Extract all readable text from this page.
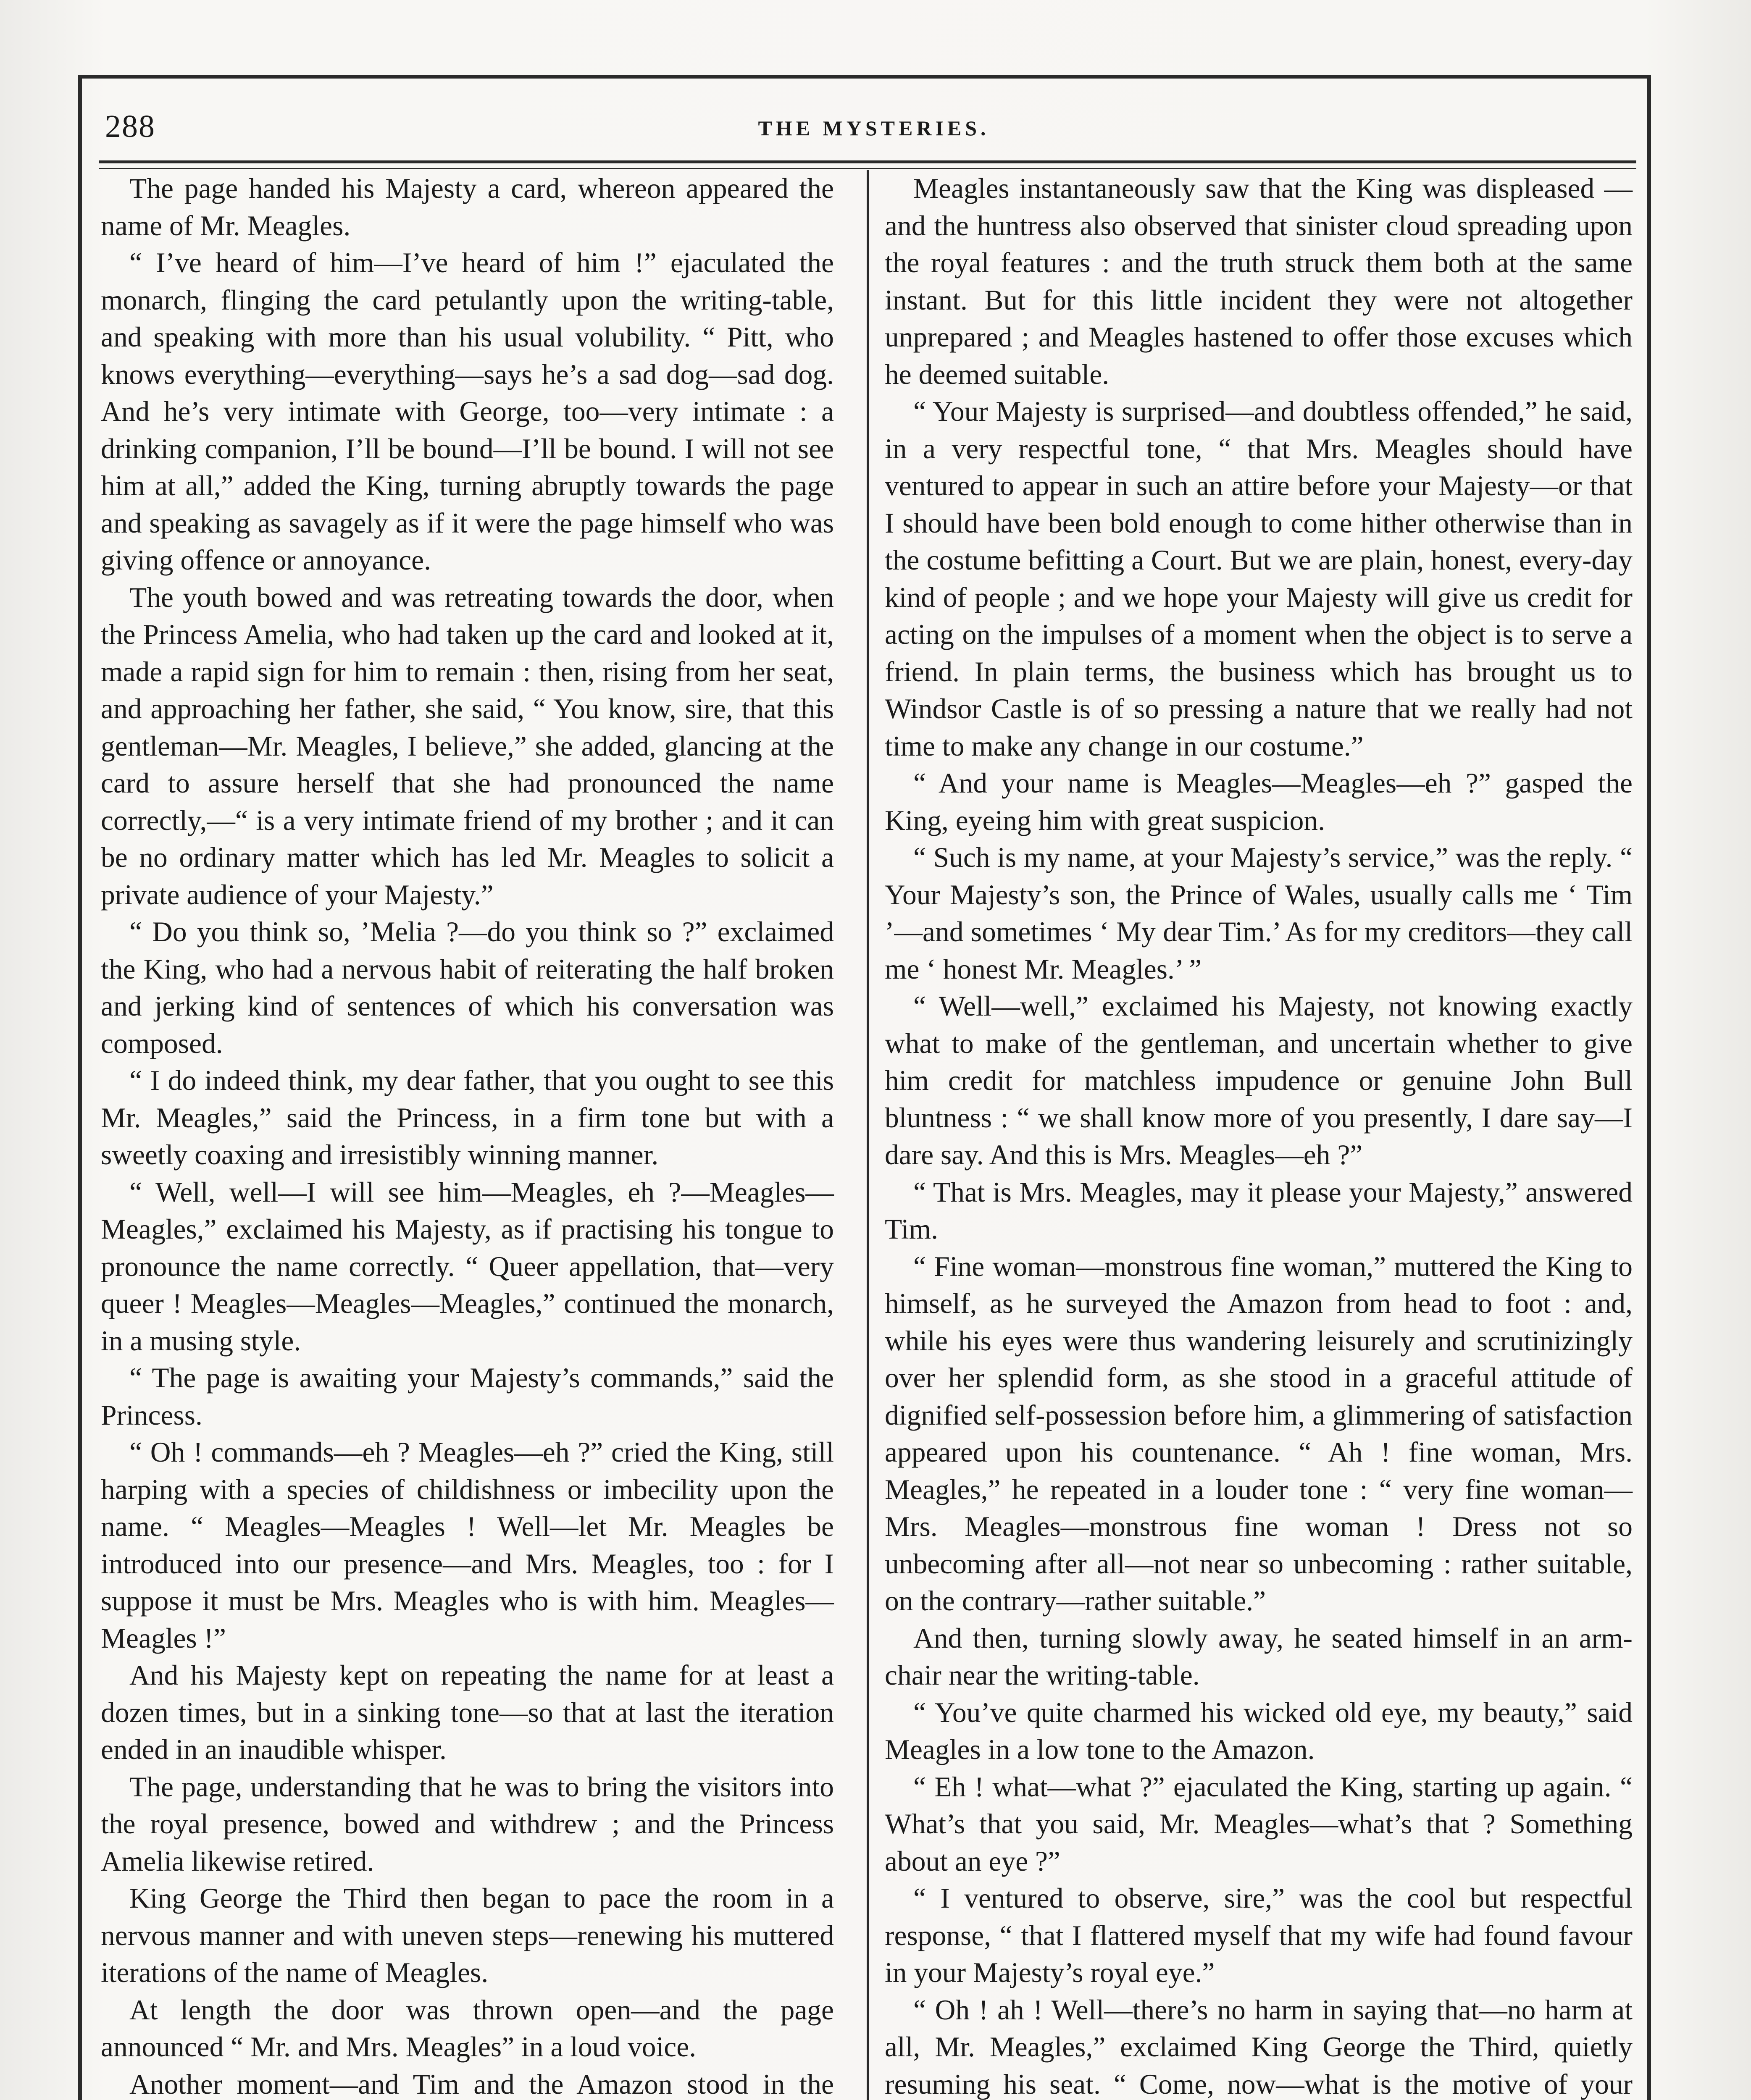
288	THE MYSTERIES.

The page handed his Majesty a card, whereon appeared the name of Mr. Meagles.

“ I’ve heard of him—I’ve heard of him !” ejaculated the monarch, flinging the card petulantly upon the writing-table, and speaking with more than his usual volubility. “ Pitt, who knows everything—everything—says he’s a sad dog—sad dog. And he’s very intimate with George, too—very intimate : a drinking companion, I’ll be bound—I’ll be bound. I will not see him at all,” added the King, turning abruptly towards the page and speaking as savagely as if it were the page himself who was giving offence or annoyance.

The youth bowed and was retreating towards the door, when the Princess Amelia, who had taken up the card and looked at it, made a rapid sign for him to remain : then, rising from her seat, and approaching her father, she said, “ You know, sire, that this gentleman—Mr. Meagles, I believe,” she added, glancing at the card to assure herself that she had pronounced the name correctly,—“ is a very intimate friend of my brother ; and it can be no ordinary matter which has led Mr. Meagles to solicit a private audience of your Majesty.”

“ Do you think so, ’Melia ?—do you think so ?” exclaimed the King, who had a nervous habit of reiterating the half broken and jerking kind of sentences of which his conversation was composed.

“ I do indeed think, my dear father, that you ought to see this Mr. Meagles,” said the Princess, in a firm tone but with a sweetly coaxing and irresistibly winning manner.

“ Well, well—I will see him—Meagles, eh ?—Meagles—Meagles,” exclaimed his Majesty, as if practising his tongue to pronounce the name correctly. “ Queer appellation, that—very queer ! Meagles—Meagles—Meagles,” continued the monarch, in a musing style.

“ The page is awaiting your Majesty’s commands,” said the Princess.

“ Oh ! commands—eh ? Meagles—eh ?” cried the King, still harping with a species of childishness or imbecility upon the name. “ Meagles—Meagles ! Well—let Mr. Meagles be introduced into our presence—and Mrs. Meagles, too : for I suppose it must be Mrs. Meagles who is with him. Meagles—Meagles !”

And his Majesty kept on repeating the name for at least a dozen times, but in a sinking tone—so that at last the iteration ended in an inaudible whisper.

The page, understanding that he was to bring the visitors into the royal presence, bowed and withdrew ; and the Princess Amelia likewise retired.

King George the Third then began to pace the room in a nervous manner and with uneven steps—renewing his muttered iterations of the name of Meagles.

At length the door was thrown open—and the page announced “ Mr. and Mrs. Meagles” in a loud voice.

Another moment—and Tim and the Amazon stood in the

Meagles instantaneously saw that the King was displeased — and the huntress also observed that sinister cloud spreading upon the royal features : and the truth struck them both at the same instant. But for this little incident they were not altogether unprepared ; and Meagles hastened to offer those excuses which he deemed suitable.

“ Your Majesty is surprised—and doubtless offended,” he said, in a very respectful tone, “ that Mrs. Meagles should have ventured to appear in such an attire before your Majesty—or that I should have been bold enough to come hither otherwise than in the costume befitting a Court. But we are plain, honest, every-day kind of people ; and we hope your Majesty will give us credit for acting on the impulses of a moment when the object is to serve a friend. In plain terms, the business which has brought us to Windsor Castle is of so pressing a nature that we really had not time to make any change in our costume.”

“ And your name is Meagles—Meagles—eh ?” gasped the King, eyeing him with great suspicion.

“ Such is my name, at your Majesty’s service,” was the reply. “ Your Majesty’s son, the Prince of Wales, usually calls me ‘ Tim ’—and sometimes ‘ My dear Tim.’ As for my creditors—they call me ‘ honest Mr. Meagles.’ ”

“ Well—well,” exclaimed his Majesty, not knowing exactly what to make of the gentleman, and uncertain whether to give him credit for matchless impudence or genuine John Bull bluntness : “ we shall know more of you presently, I dare say—I dare say. And this is Mrs. Meagles—eh ?”

“ That is Mrs. Meagles, may it please your Majesty,” answered Tim.

“ Fine woman—monstrous fine woman,” muttered the King to himself, as he surveyed the Amazon from head to foot : and, while his eyes were thus wandering leisurely and scrutinizingly over her splendid form, as she stood in a graceful attitude of dignified self-possession before him, a glimmering of satisfaction appeared upon his countenance. “ Ah ! fine woman, Mrs. Meagles,” he repeated in a louder tone : “ very fine woman—Mrs. Meagles—monstrous fine woman ! Dress not so unbecoming after all—not near so unbecoming : rather suitable, on the contrary—rather suitable.”

And then, turning slowly away, he seated himself in an arm-chair near the writing-table.

“ You’ve quite charmed his wicked old eye, my beauty,” said Meagles in a low tone to the Amazon.

“ Eh ! what—what ?” ejaculated the King, starting up again. “ What’s that you said, Mr. Meagles—what’s that ? Something about an eye ?”

“ I ventured to observe, sire,” was the cool but respectful response, “ that I flattered myself that my wife had found favour in your Majesty’s royal eye.”

“ Oh ! ah ! Well—there’s no harm in saying that—no harm at all, Mr. Meagles,” exclaimed King George the Third, quietly resuming his seat. “ Come, now—what is the motive of your
